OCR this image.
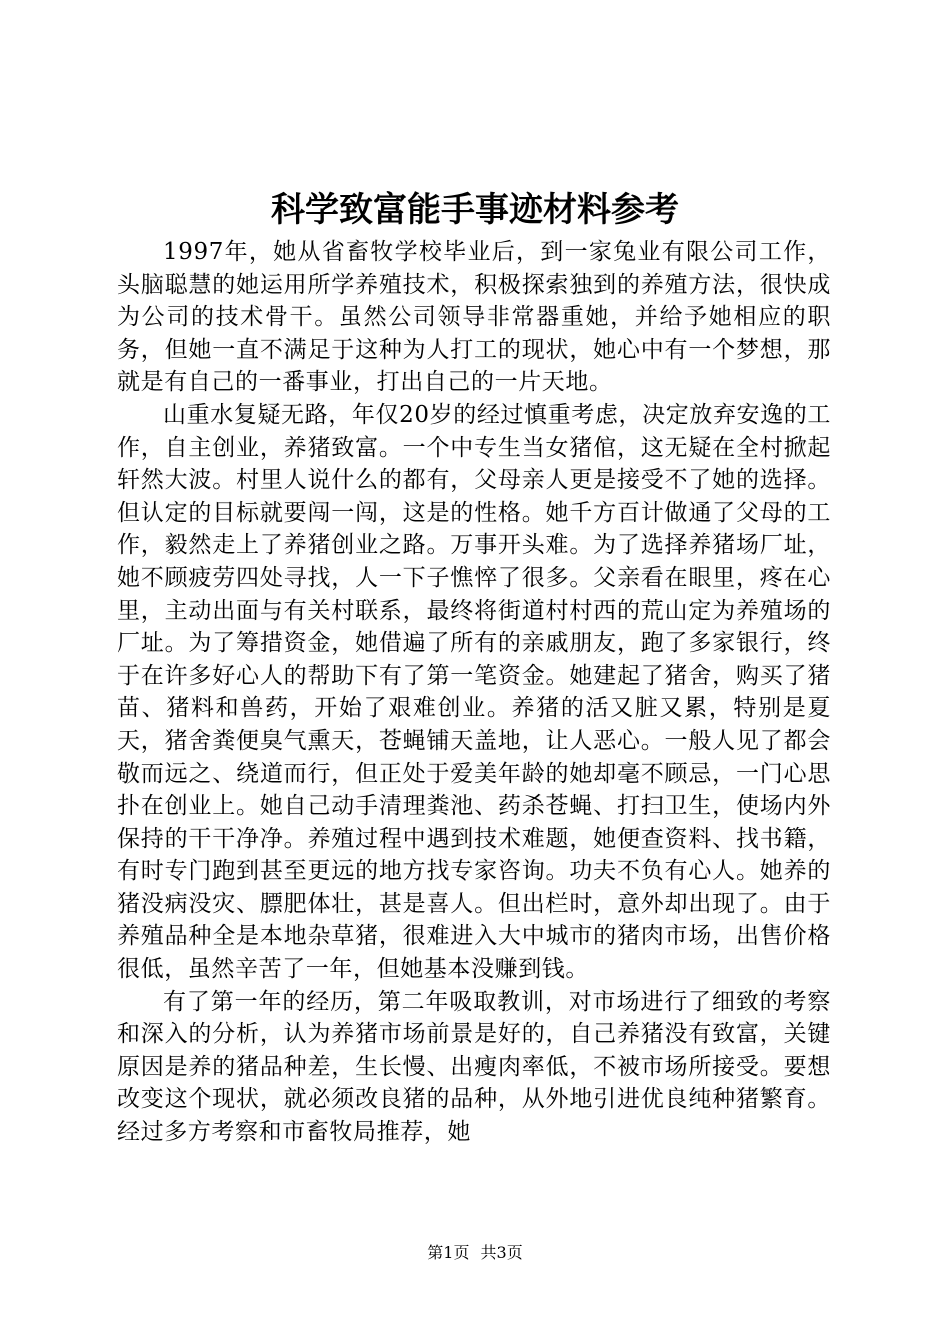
科学致富能手事迹材料参考

1997年，她从省畜牧学校毕业后，到一家兔业有限公司工作，头脑聪慧的她运用所学养殖技术，积极探索独到的养殖方法，很快成为公司的技术骨干。虽然公司领导非常器重她，并给予她相应的职务，但她一直不满足于这种为人打工的现状，她心中有一个梦想，那就是有自己的一番事业，打出自己的一片天地。

山重水复疑无路，年仅20岁的经过慎重考虑，决定放弃安逸的工作，自主创业，养猪致富。一个中专生当女猪倌，这无疑在全村掀起轩然大波。村里人说什么的都有，父母亲人更是接受不了她的选择。但认定的目标就要闯一闯，这是的性格。她千方百计做通了父母的工作，毅然走上了养猪创业之路。万事开头难。为了选择养猪场厂址，她不顾疲劳四处寻找，人一下子憔悴了很多。父亲看在眼里，疼在心里，主动出面与有关村联系，最终将街道村村西的荒山定为养殖场的厂址。为了筹措资金，她借遍了所有的亲戚朋友，跑了多家银行，终于在许多好心人的帮助下有了第一笔资金。她建起了猪舍，购买了猪苗、猪料和兽药，开始了艰难创业。养猪的活又脏又累，特别是夏天，猪舍粪便臭气熏天，苍蝇铺天盖地，让人恶心。一般人见了都会敬而远之、绕道而行，但正处于爱美年龄的她却毫不顾忌，一门心思扑在创业上。她自己动手清理粪池、药杀苍蝇、打扫卫生，使场内外保持的干干净净。养殖过程中遇到技术难题，她便查资料、找书籍，有时专门跑到甚至更远的地方找专家咨询。功夫不负有心人。她养的猪没病没灾、膘肥体壮，甚是喜人。但出栏时，意外却出现了。由于养殖品种全是本地杂草猪，很难进入大中城市的猪肉市场，出售价格很低，虽然辛苦了一年，但她基本没赚到钱。

有了第一年的经历，第二年吸取教训，对市场进行了细致的考察和深入的分析，认为养猪市场前景是好的，自己养猪没有致富，关键原因是养的猪品种差，生长慢、出瘦肉率低，不被市场所接受。要想改变这个现状，就必须改良猪的品种，从外地引进优良纯种猪繁育。经过多方考察和市畜牧局推荐，她

第1页 共3页
